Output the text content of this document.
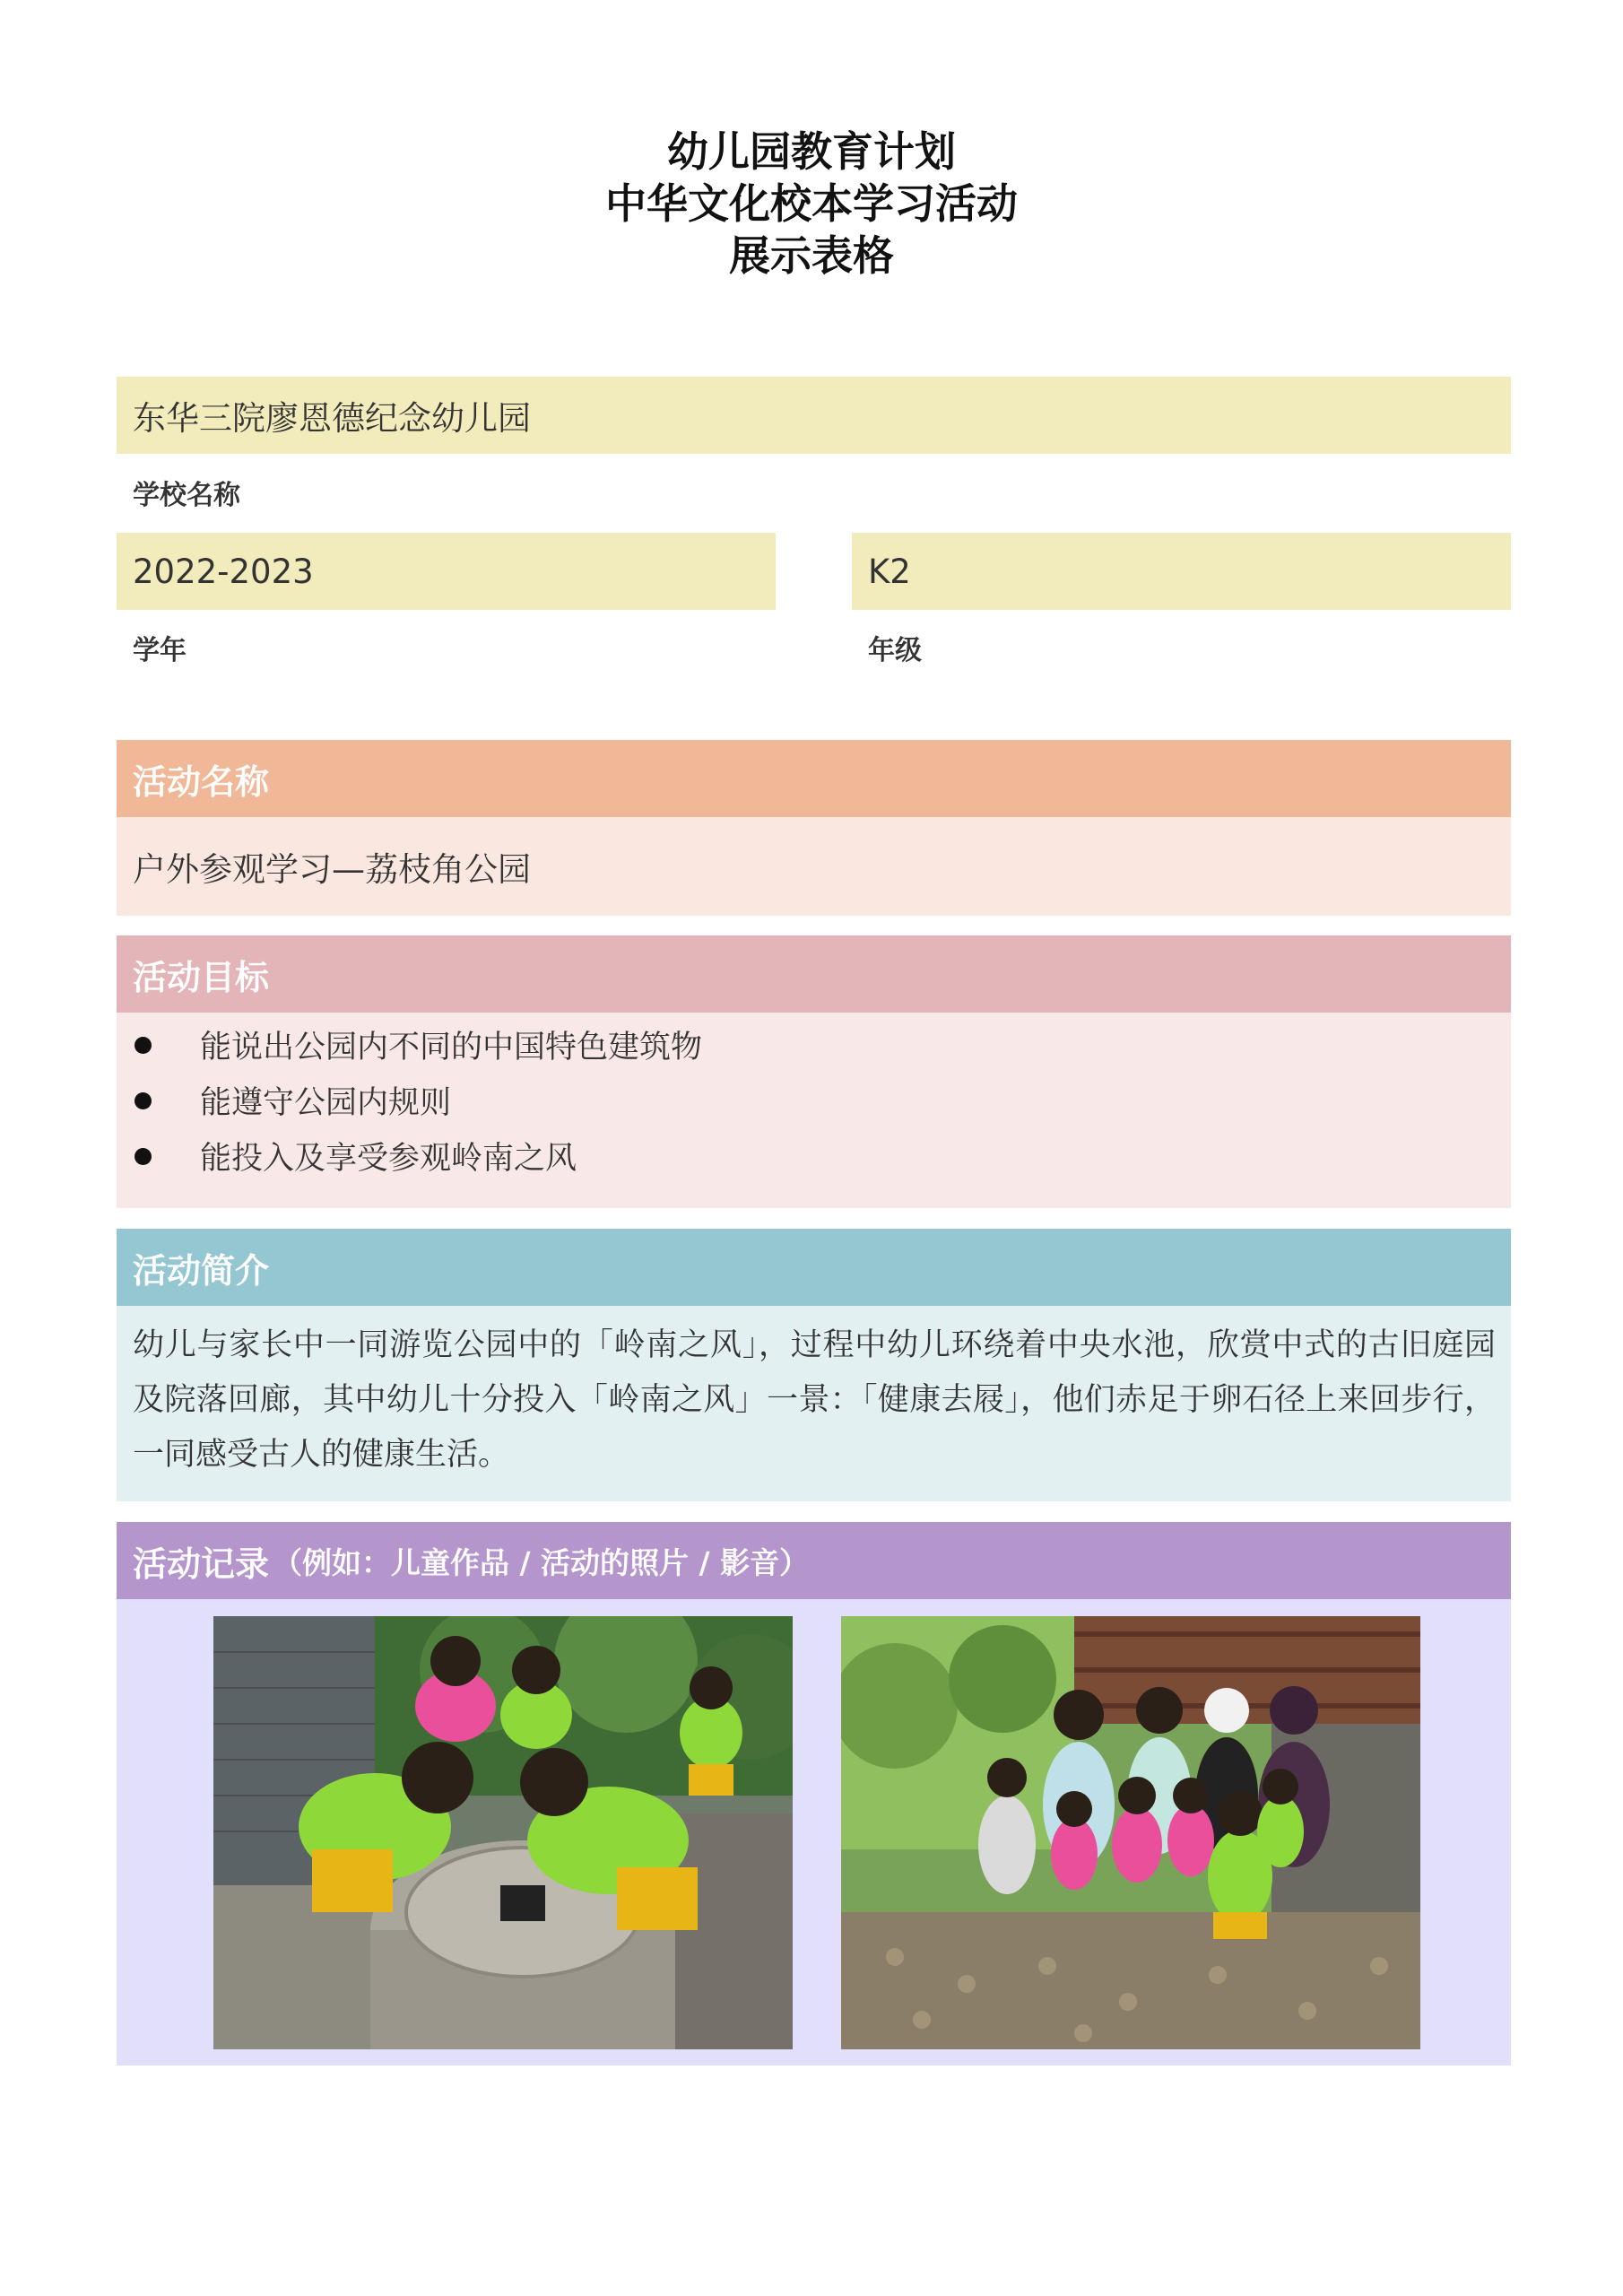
幼儿园教育计划
中华文化校本学习活动
展示表格
东华三院廖恩德纪念幼儿园
学校名称
2022-2023
学年
K2
年级
活动名称
户外参观学习—荔枝角公园
活动目标
能说出公园内不同的中国特色建筑物
能遵守公园内规则
能投入及享受参观岭南之风
活动简介
幼儿与家长中一同游览公园中的「岭南之风」，过程中幼儿环绕着中央水池，欣赏中式的古旧庭园及院落回廊，其中幼儿十分投入「岭南之风」一景：「健康去屐」，他们赤足于卵石径上来回步行，一同感受古人的健康生活。
活动记录 （例如：儿童作品 / 活动的照片 / 影音）
